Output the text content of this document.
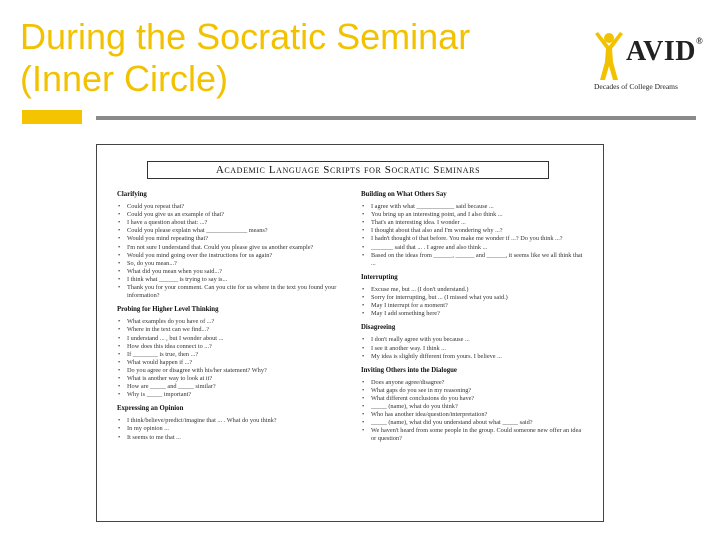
During the Socratic Seminar
(Inner Circle)
AVID®
Decades of College Dreams
Academic Language Scripts for Socratic Seminars
Clarifying
• Could you repeat that?
• Could you give us an example of that?
• I have a question about that: ...?
• Could you please explain what _____________ means?
• Would you mind repeating that?
• I'm not sure I understand that. Could you please give us another example?
• Would you mind going over the instructions for us again?
• So, do you mean...?
• What did you mean when you said...?
• I think what ______ is trying to say is...
• Thank you for your comment. Can you cite for us where in the text you found your information?
Probing for Higher Level Thinking
• What examples do you have of ...?
• Where in the text can we find...?
• I understand ... , but I wonder about ...
• How does this idea connect to ...?
• If ________ is true, then ...?
• What would happen if ...?
• Do you agree or disagree with his/her statement? Why?
• What is another way to look at it?
• How are _____ and _____ similar?
• Why is _____ important?
Expressing an Opinion
• I think/believe/predict/imagine that ... . What do you think?
• In my opinion ...
• It seems to me that ...
Building on What Others Say
• I agree with what ____________ said because ...
• You bring up an interesting point, and I also think ...
• That's an interesting idea. I wonder ...
• I thought about that also and I'm wondering why ...?
• I hadn't thought of that before. You make me wonder if ...? Do you think ...?
• _______ said that ... . I agree and also think ...
• Based on the ideas from ______, ______ and ______, it seems like we all think that ...
Interrupting
• Excuse me, but ... (I don't understand.)
• Sorry for interrupting, but ... (I missed what you said.)
• May I interrupt for a moment?
• May I add something here?
Disagreeing
• I don't really agree with you because ...
• I see it another way. I think ...
• My idea is slightly different from yours. I believe ...
Inviting Others into the Dialogue
• Does anyone agree/disagree?
• What gaps do you see in my reasoning?
• What different conclusions do you have?
• _____ (name), what do you think?
• Who has another idea/question/interpretation?
• _____ (name), what did you understand about what _____ said?
• We haven't heard from some people in the group. Could someone new offer an idea or question?
